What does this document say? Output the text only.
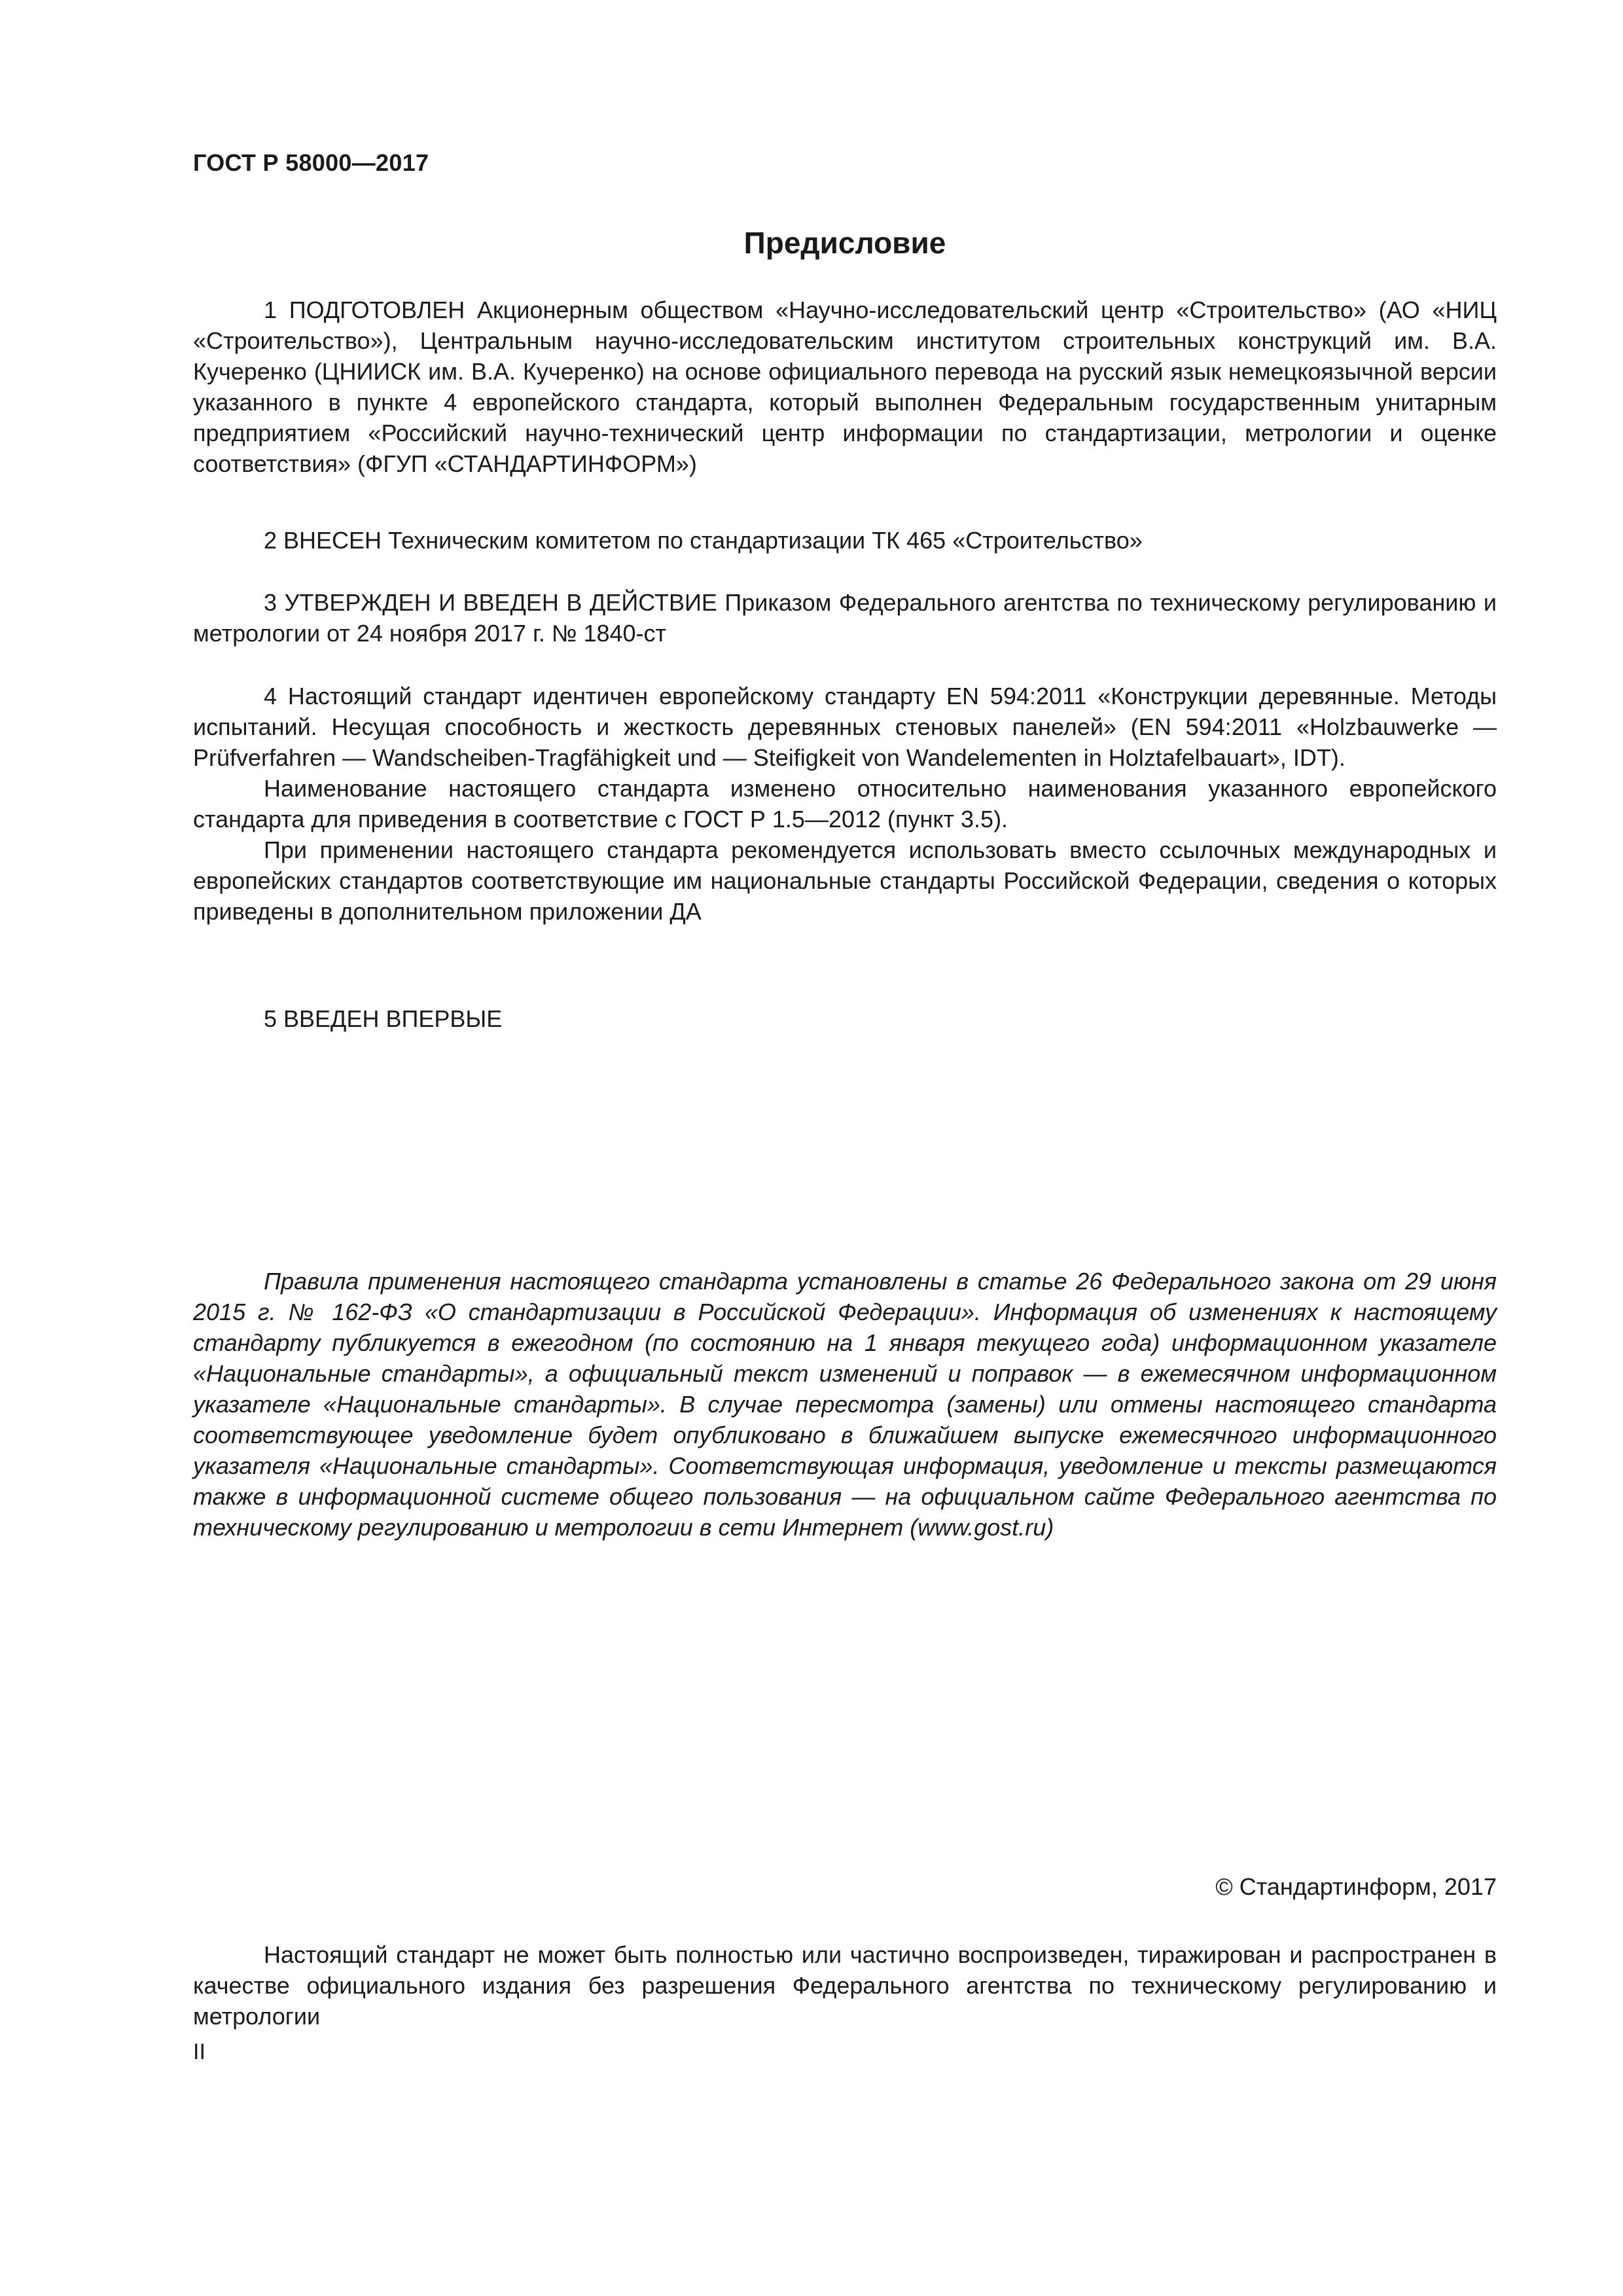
ГОСТ Р 58000—2017
Предисловие

1 ПОДГОТОВЛЕН Акционерным обществом «Научно-исследовательский центр «Строительство» (АО «НИЦ «Строительство»), Центральным научно-исследовательским институтом строительных конструкций им. В.А. Кучеренко (ЦНИИСК им. В.А. Кучеренко) на основе официального перевода на русский язык немецкоязычной версии указанного в пункте 4 европейского стандарта, который выполнен Федеральным государственным унитарным предприятием «Российский научно-технический центр информации по стандартизации, метрологии и оценке соответствия» (ФГУП «СТАНДАРТИНФОРМ»)

2 ВНЕСЕН Техническим комитетом по стандартизации ТК 465 «Строительство»

3 УТВЕРЖДЕН И ВВЕДЕН В ДЕЙСТВИЕ Приказом Федерального агентства по техническому регулированию и метрологии от 24 ноября 2017 г. № 1840-ст

4 Настоящий стандарт идентичен европейскому стандарту EN 594:2011 «Конструкции деревянные. Методы испытаний. Несущая способность и жесткость деревянных стеновых панелей» (EN 594:2011 «Holzbauwerke — Prüfverfahren — Wandscheiben-Tragfähigkeit und — Steifigkeit von Wandelementen in Holztafelbauart», IDT).

Наименование настоящего стандарта изменено относительно наименования указанного европейского стандарта для приведения в соответствие с ГОСТ Р 1.5—2012 (пункт 3.5).

При применении настоящего стандарта рекомендуется использовать вместо ссылочных международных и европейских стандартов соответствующие им национальные стандарты Российской Федерации, сведения о которых приведены в дополнительном приложении ДА

5 ВВЕДЕН ВПЕРВЫЕ

Правила применения настоящего стандарта установлены в статье 26 Федерального закона от 29 июня 2015 г. № 162-ФЗ «О стандартизации в Российской Федерации». Информация об изменениях к настоящему стандарту публикуется в ежегодном (по состоянию на 1 января текущего года) информационном указателе «Национальные стандарты», а официальный текст изменений и поправок — в ежемесячном информационном указателе «Национальные стандарты». В случае пересмотра (замены) или отмены настоящего стандарта соответствующее уведомление будет опубликовано в ближайшем выпуске ежемесячного информационного указателя «Национальные стандарты». Соответствующая информация, уведомление и тексты размещаются также в информационной системе общего пользования — на официальном сайте Федерального агентства по техническому регулированию и метрологии в сети Интернет (www.gost.ru)

© Стандартинформ, 2017

Настоящий стандарт не может быть полностью или частично воспроизведен, тиражирован и распространен в качестве официального издания без разрешения Федерального агентства по техническому регулированию и метрологии

II
